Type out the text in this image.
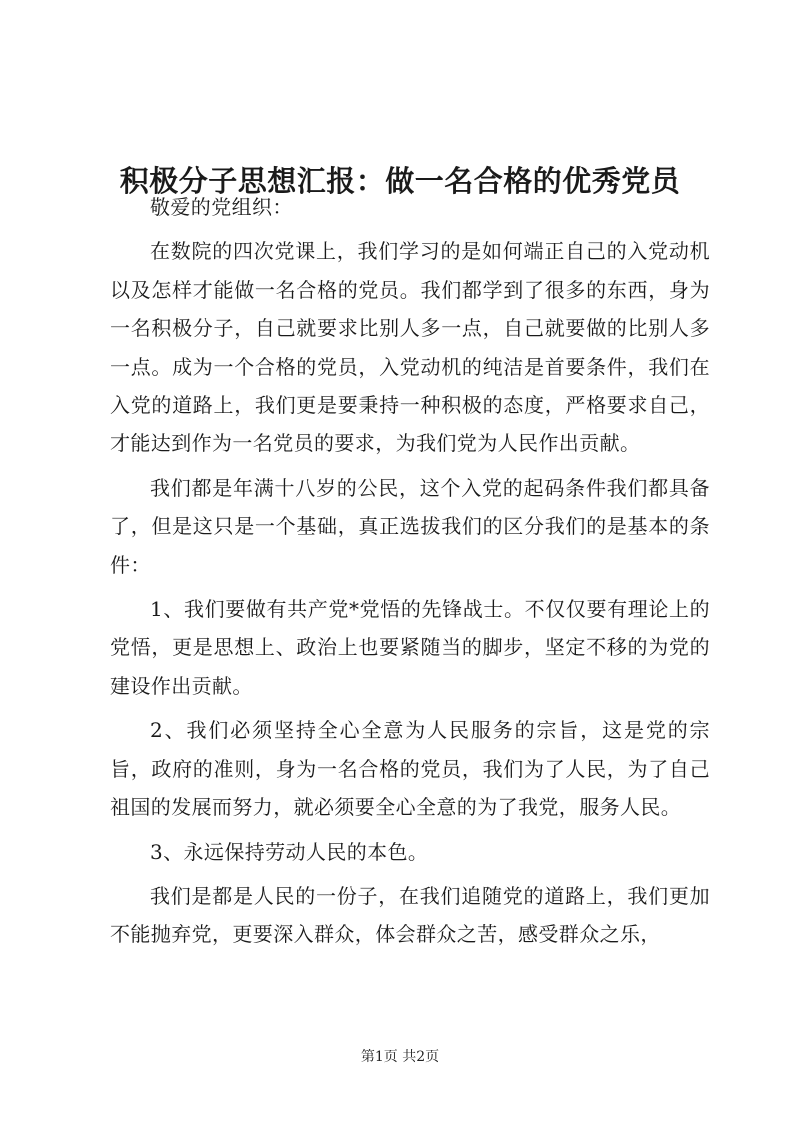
积极分子思想汇报：做一名合格的优秀党员

敬爱的党组织：

在数院的四次党课上，我们学习的是如何端正自己的入党动机以及怎样才能做一名合格的党员。我们都学到了很多的东西，身为一名积极分子，自己就要求比别人多一点，自己就要做的比别人多一点。成为一个合格的党员，入党动机的纯洁是首要条件，我们在入党的道路上，我们更是要秉持一种积极的态度，严格要求自己，才能达到作为一名党员的要求，为我们党为人民作出贡献。

我们都是年满十八岁的公民，这个入党的起码条件我们都具备了，但是这只是一个基础，真正选拔我们的区分我们的是基本的条件：

1、我们要做有共产党*党悟的先锋战士。不仅仅要有理论上的党悟，更是思想上、政治上也要紧随当的脚步，坚定不移的为党的建设作出贡献。

2、我们必须坚持全心全意为人民服务的宗旨，这是党的宗旨，政府的准则，身为一名合格的党员，我们为了人民，为了自己祖国的发展而努力，就必须要全心全意的为了我党，服务人民。

3、永远保持劳动人民的本色。

我们是都是人民的一份子，在我们追随党的道路上，我们更加不能抛弃党，更要深入群众，体会群众之苦，感受群众之乐，

第1页 共2页
